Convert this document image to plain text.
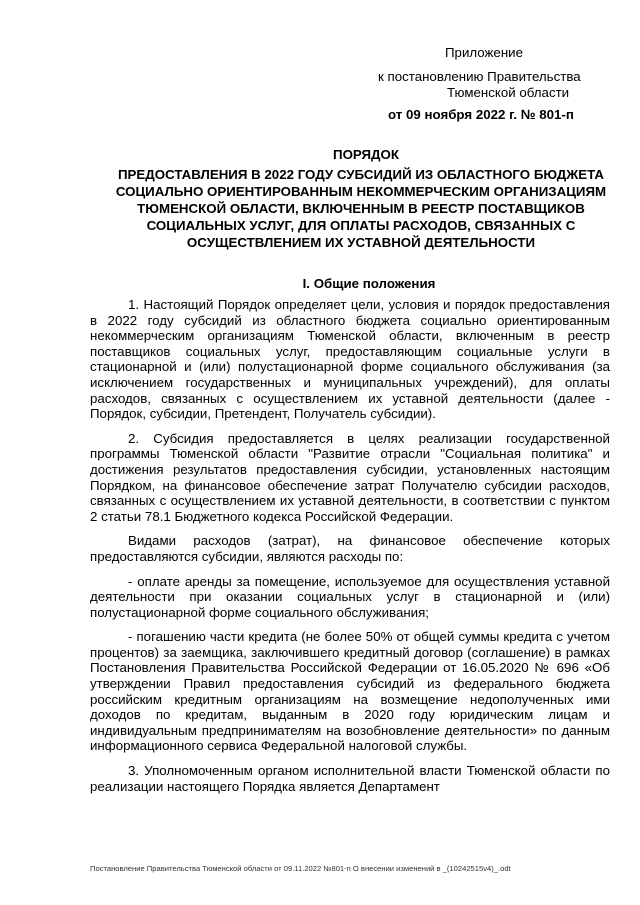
Приложение
к постановлению Правительства
Тюменской области
от 09 ноября 2022 г. № 801-п
ПОРЯДОК
ПРЕДОСТАВЛЕНИЯ В 2022 ГОДУ СУБСИДИЙ ИЗ ОБЛАСТНОГО БЮДЖЕТА СОЦИАЛЬНО ОРИЕНТИРОВАННЫМ НЕКОММЕРЧЕСКИМ ОРГАНИЗАЦИЯМ ТЮМЕНСКОЙ ОБЛАСТИ, ВКЛЮЧЕННЫМ В РЕЕСТР ПОСТАВЩИКОВ СОЦИАЛЬНЫХ УСЛУГ, ДЛЯ ОПЛАТЫ РАСХОДОВ, СВЯЗАННЫХ С ОСУЩЕСТВЛЕНИЕМ ИХ УСТАВНОЙ ДЕЯТЕЛЬНОСТИ
I. Общие положения

1. Настоящий Порядок определяет цели, условия и порядок предоставления в 2022 году субсидий из областного бюджета социально ориентированным некоммерческим организациям Тюменской области, включенным в реестр поставщиков социальных услуг, предоставляющим социальные услуги в стационарной и (или) полустационарной форме социального обслуживания (за исключением государственных и муниципальных учреждений), для оплаты расходов, связанных с осуществлением их уставной деятельности (далее - Порядок, субсидии, Претендент, Получатель субсидии).

2. Субсидия предоставляется в целях реализации государственной программы Тюменской области "Развитие отрасли "Социальная политика" и достижения результатов предоставления субсидии, установленных настоящим Порядком, на финансовое обеспечение затрат Получателю субсидии расходов, связанных с осуществлением их уставной деятельности, в соответствии с пунктом 2 статьи 78.1 Бюджетного кодекса Российской Федерации.

Видами расходов (затрат), на финансовое обеспечение которых предоставляются субсидии, являются расходы по:

- оплате аренды за помещение, используемое для осуществления уставной деятельности при оказании социальных услуг в стационарной и (или) полустационарной форме социального обслуживания;

- погашению части кредита (не более 50% от общей суммы кредита с учетом процентов) за заемщика, заключившего кредитный договор (соглашение) в рамках Постановления Правительства Российской Федерации от 16.05.2020 № 696 «Об утверждении Правил предоставления субсидий из федерального бюджета российским кредитным организациям на возмещение недополученных ими доходов по кредитам, выданным в 2020 году юридическим лицам и индивидуальным предпринимателям на возобновление деятельности» по данным информационного сервиса Федеральной налоговой службы.

3. Уполномоченным органом исполнительной власти Тюменской области по реализации настоящего Порядка является Департамент

Постановление Правительства Тюменской области от 09.11.2022 №801-п О внесении изменений в _(10242515v4)_.odt
